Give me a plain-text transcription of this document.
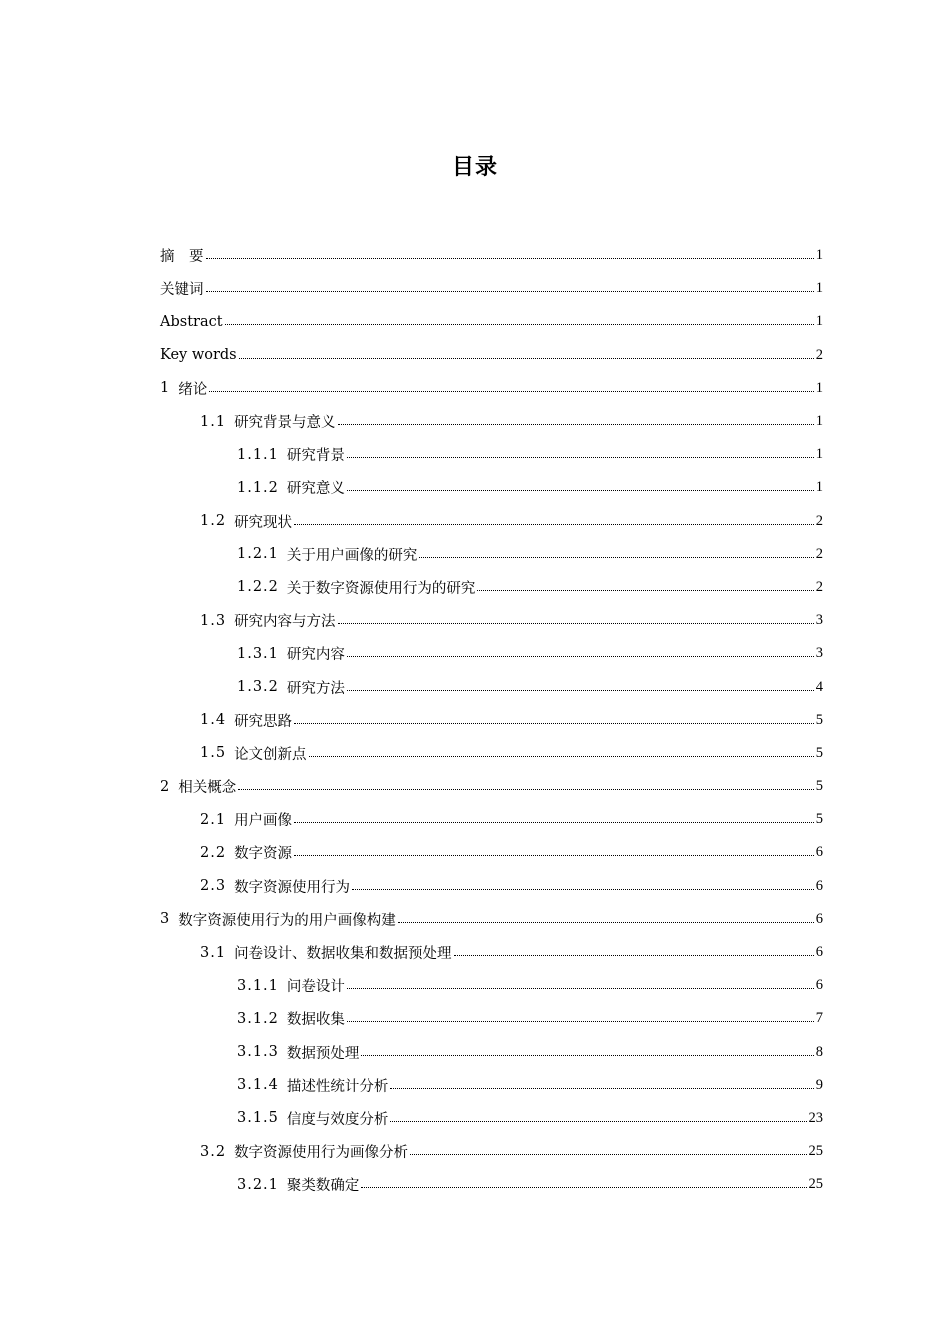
目录
摘　要	1
关键词	1
Abstract	1
Key words	2
1 绪论	1
1.1 研究背景与意义	1
1.1.1 研究背景	1
1.1.2 研究意义	1
1.2 研究现状	2
1.2.1 关于用户画像的研究	2
1.2.2 关于数字资源使用行为的研究	2
1.3 研究内容与方法	3
1.3.1 研究内容	3
1.3.2 研究方法	4
1.4 研究思路	5
1.5 论文创新点	5
2 相关概念	5
2.1 用户画像	5
2.2 数字资源	6
2.3 数字资源使用行为	6
3 数字资源使用行为的用户画像构建	6
3.1 问卷设计、数据收集和数据预处理	6
3.1.1 问卷设计	6
3.1.2 数据收集	7
3.1.3 数据预处理	8
3.1.4 描述性统计分析	9
3.1.5 信度与效度分析	23
3.2 数字资源使用行为画像分析	25
3.2.1 聚类数确定	25
